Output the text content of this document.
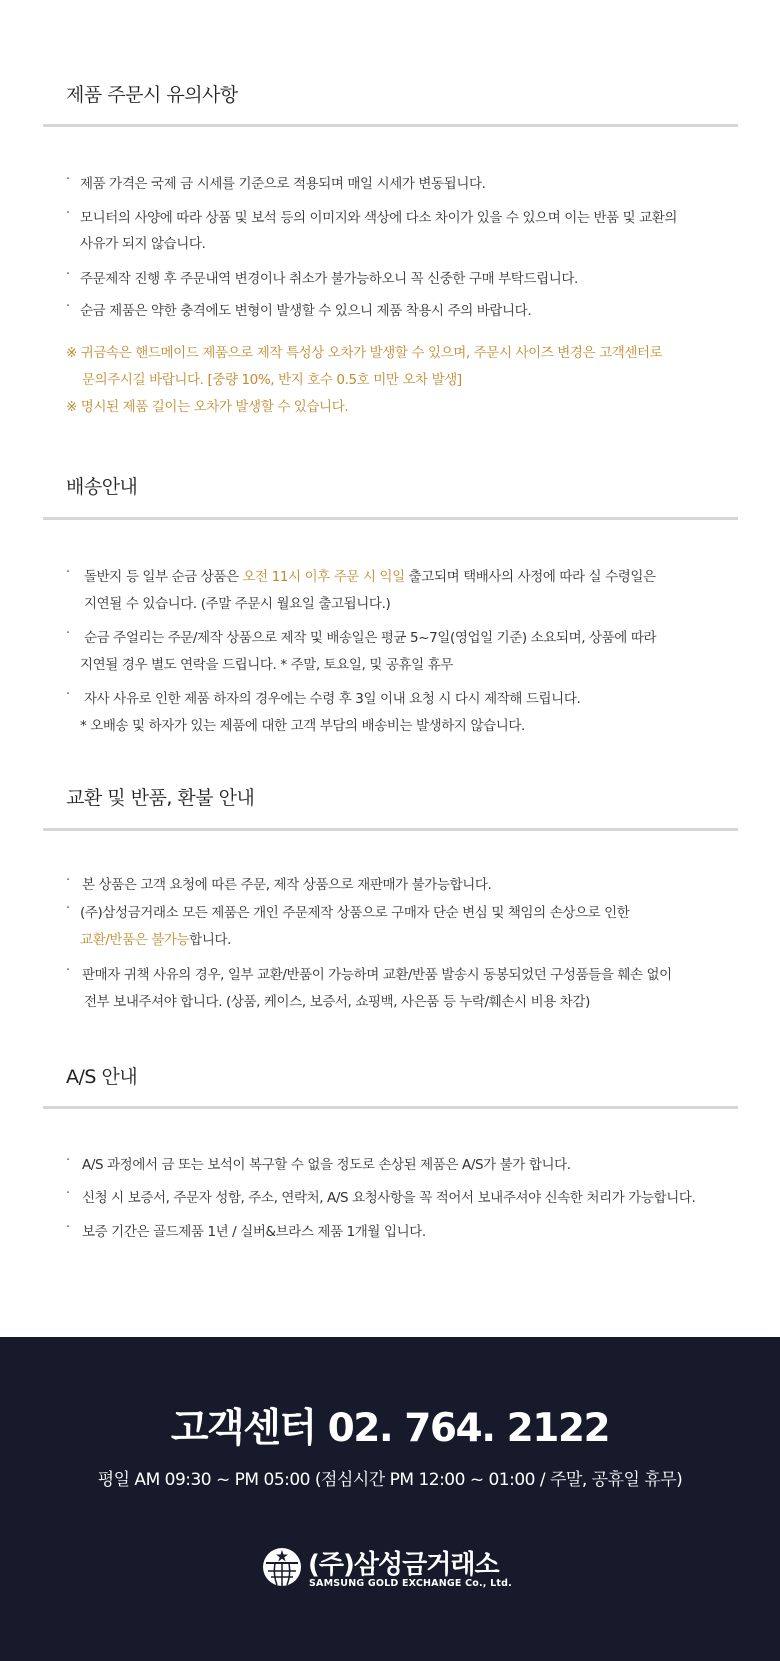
제품 주문시 유의사항
· 제품 가격은 국제 금 시세를 기준으로 적용되며 매일 시세가 변동됩니다.
· 모니터의 사양에 따라 상품 및 보석 등의 이미지와 색상에 다소 차이가 있을 수 있으며 이는 반품 및 교환의
사유가 되지 않습니다.
· 주문제작 진행 후 주문내역 변경이나 취소가 불가능하오니 꼭 신중한 구매 부탁드립니다.
· 순금 제품은 약한 충격에도 변형이 발생할 수 있으니 제품 착용시 주의 바랍니다.
※ 귀금속은 핸드메이드 제품으로 제작 특성상 오차가 발생할 수 있으며, 주문시 사이즈 변경은 고객센터로
문의주시길 바랍니다. [중량 10%, 반지 호수 0.5호 미만 오차 발생]
※ 명시된 제품 길이는 오차가 발생할 수 있습니다.
배송안내
· 돌반지 등 일부 순금 상품은 오전 11시 이후 주문 시 익일 출고되며 택배사의 사정에 따라 실 수령일은
지연될 수 있습니다. (주말 주문시 월요일 출고됩니다.)
· 순금 주얼리는 주문/제작 상품으로 제작 및 배송일은 평균 5~7일(영업일 기준) 소요되며, 상품에 따라
지연될 경우 별도 연락을 드립니다. * 주말, 토요일, 및 공휴일 휴무
· 자사 사유로 인한 제품 하자의 경우에는 수령 후 3일 이내 요청 시 다시 제작해 드립니다.
* 오배송 및 하자가 있는 제품에 대한 고객 부담의 배송비는 발생하지 않습니다.
교환 및 반품, 환불 안내
· 본 상품은 고객 요청에 따른 주문, 제작 상품으로 재판매가 불가능합니다.
· (주)삼성금거래소 모든 제품은 개인 주문제작 상품으로 구매자 단순 변심 및 책임의 손상으로 인한
교환/반품은 불가능합니다.
· 판매자 귀책 사유의 경우, 일부 교환/반품이 가능하며 교환/반품 발송시 동봉되었던 구성품들을 훼손 없이
전부 보내주셔야 합니다. (상품, 케이스, 보증서, 쇼핑백, 사은품 등 누락/훼손시 비용 차감)
A/S 안내
· A/S 과정에서 금 또는 보석이 복구할 수 없을 정도로 손상된 제품은 A/S가 불가 합니다.
· 신청 시 보증서, 주문자 성함, 주소, 연락처, A/S 요청사항을 꼭 적어서 보내주셔야 신속한 처리가 가능합니다.
· 보증 기간은 골드제품 1년 / 실버&브라스 제품 1개월 입니다.
고객센터 02. 764. 2122
평일 AM 09:30 ~ PM 05:00 (점심시간 PM 12:00 ~ 01:00 / 주말, 공휴일 휴무)
(주)삼성금거래소
SAMSUNG GOLD EXCHANGE Co., Ltd.
